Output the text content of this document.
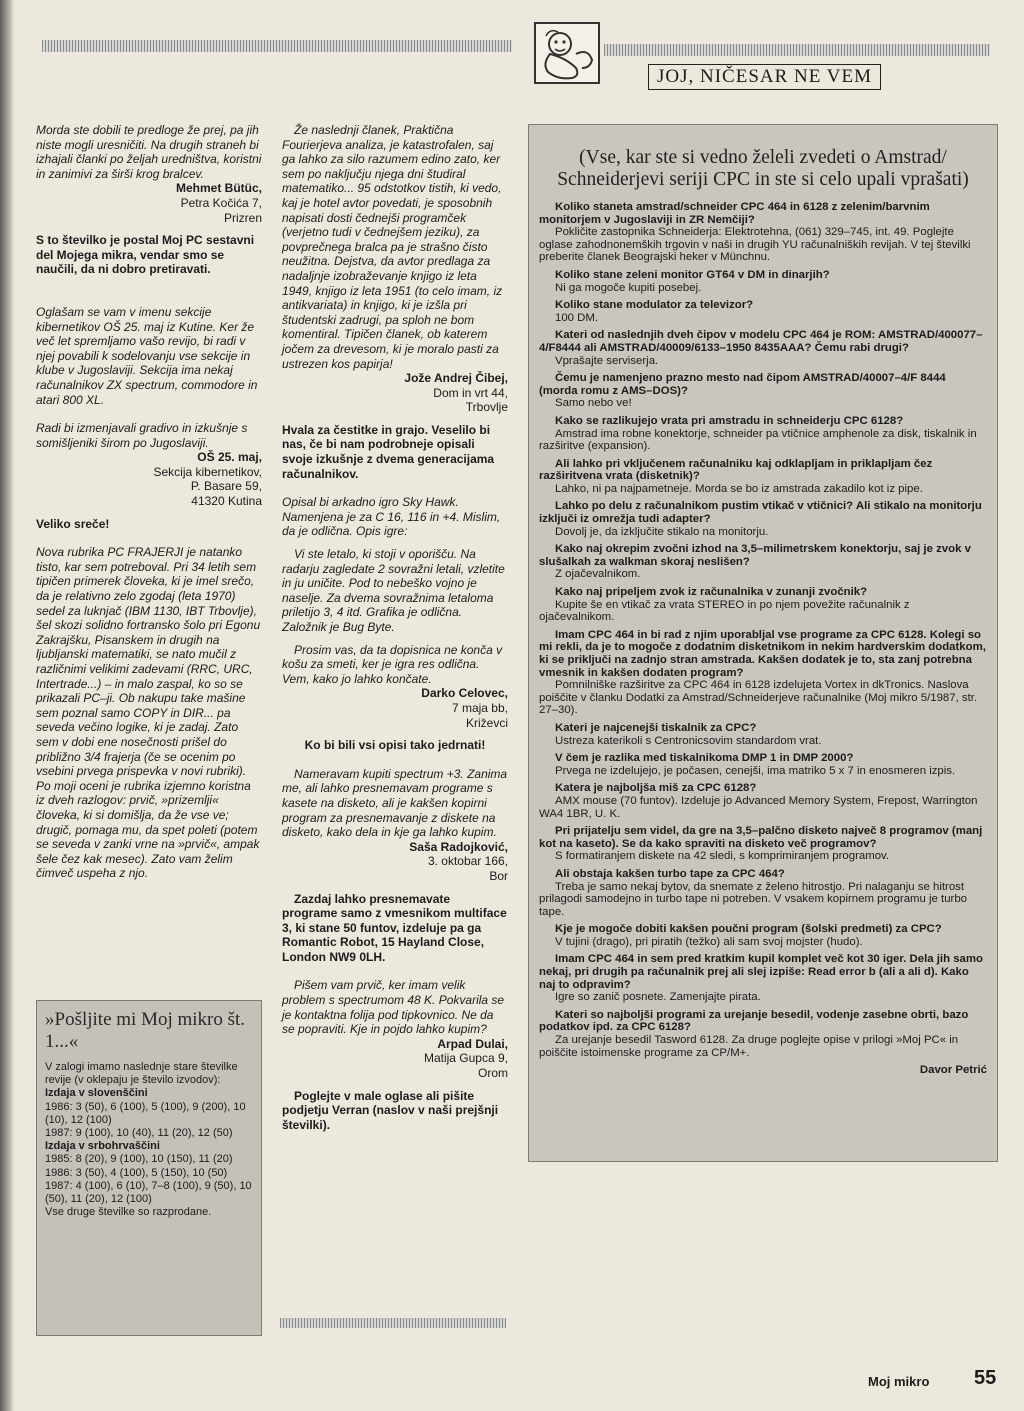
JOJ, NIČESAR NE VEM

Morda ste dobili te predloge že prej, pa jih niste mogli uresničiti. Na drugih straneh bi izhajali članki po željah uredništva, koristni in zanimivi za širši krog bralcev.

Mehmet Bütüc,
Petra Kočića 7,
Prizren

S to številko je postal Moj PC sestavni del Mojega mikra, vendar smo se naučili, da ni dobro pretiravati.

Oglašam se vam v imenu sekcije kibernetikov OŠ 25. maj iz Kutine. Ker že več let spremljamo vašo revijo, bi radi v njej povabili k sodelovanju vse sekcije in klube v Jugoslaviji. Sekcija ima nekaj računalnikov ZX spectrum, commodore in atari 800 XL.

Radi bi izmenjavali gradivo in izkušnje s somišljeniki širom po Jugoslaviji.

OŠ 25. maj,
Sekcija kibernetikov,
P. Basare 59,
41320 Kutina

Veliko sreče!

Nova rubrika PC FRAJERJI je natanko tisto, kar sem potreboval. Pri 34 letih sem tipičen primerek človeka, ki je imel srečo, da je relativno zelo zgodaj (leta 1970) sedel za luknjač (IBM 1130, IBT Trbovlje), šel skozi solidno fortransko šolo pri Egonu Zakrajšku, Pisanskem in drugih na ljubljanski matematiki, se nato mučil z različnimi velikimi zadevami (RRC, URC, Intertrade...) – in malo zaspal, ko so se prikazali PC–ji. Ob nakupu take mašine sem poznal samo COPY in DIR... pa seveda večino logike, ki je zadaj. Zato sem v dobi ene nosečnosti prišel do približno 3/4 frajerja (če se ocenim po vsebini prvega prispevka v novi rubriki). Po moji oceni je rubrika izjemno koristna iz dveh razlogov: prvič, »prizemlji« človeka, ki si domišlja, da že vse ve; drugič, pomaga mu, da spet poleti (potem se seveda v zanki vrne na »prvič«, ampak šele čez kak mesec). Zato vam želim čimveč uspeha z njo.

»Pošljite mi Moj mikro št. 1...«
V zalogi imamo naslednje stare številke revije (v oklepaju je število izvodov): Izdaja v slovenščini
1986: 3 (50), 6 (100), 5 (100), 9 (200), 10 (10), 12 (100)
1987: 9 (100), 10 (40), 11 (20), 12 (50)
Izdaja v srbohrvaščini
1985: 8 (20), 9 (100), 10 (150), 11 (20)
1986: 3 (50), 4 (100), 5 (150), 10 (50)
1987: 4 (100), 6 (10), 7–8 (100), 9 (50), 10 (50), 11 (20), 12 (100)
Vse druge številke so razprodane.

Že naslednji članek, Praktična Fourierjeva analiza, je katastrofalen, saj ga lahko za silo razumem edino zato, ker sem po naključju njega dni študiral matematiko... 95 odstotkov tistih, ki vedo, kaj je hotel avtor povedati, je sposobnih napisati dosti čednejši programček (verjetno tudi v čednejšem jeziku), za povprečnega bralca pa je strašno čisto neužitna. Dejstva, da avtor predlaga za nadaljnje izobraževanje knjigo iz leta 1949, knjigo iz leta 1951 (to celo imam, iz antikvariata) in knjigo, ki je izšla pri študentski zadrugi, pa sploh ne bom komentiral. Tipičen članek, ob katerem jočem za drevesom, ki je moralo pasti za ustrezen kos papirja!

Jože Andrej Čibej,
Dom in vrt 44,
Trbovlje

Hvala za čestitke in grajo. Veselilo bi nas, če bi nam podrobneje opisali svoje izkušnje z dvema generacijama računalnikov.

Opisal bi arkadno igro Sky Hawk. Namenjena je za C 16, 116 in +4. Mislim, da je odlična. Opis igre:

Vi ste letalo, ki stoji v oporišču. Na radarju zagledate 2 sovražni letali, vzletite in ju uničite. Pod to nebeško vojno je naselje. Za dvema sovražnima letaloma priletijo 3, 4 itd. Grafika je odlična. Založnik je Bug Byte.

Prosim vas, da ta dopisnica ne konča v košu za smeti, ker je igra res odlična. Vem, kako jo lahko končate.

Darko Celovec,
7 maja bb,
Križevci

Ko bi bili vsi opisi tako jedrnati!

Nameravam kupiti spectrum +3. Zanima me, ali lahko presnemavam programe s kasete na disketo, ali je kakšen kopirni program za presnemavanje z diskete na disketo, kako dela in kje ga lahko kupim.

Saša Radojković,
3. oktobar 166,
Bor

Zazdaj lahko presnemavate programe samo z vmesnikom multiface 3, ki stane 50 funtov, izdeluje pa ga Romantic Robot, 15 Hayland Close, London NW9 0LH.

Pišem vam prvič, ker imam velik problem s spectrumom 48 K. Pokvarila se je kontaktna folija pod tipkovnico. Ne da se popraviti. Kje in pojdo lahko kupim?

Arpad Dulai,
Matija Gupca 9,
Orom

Poglejte v male oglase ali pišite podjetju Verran (naslov v naši prejšnji številki).

(Vse, kar ste si vedno želeli zvedeti o Amstrad/ Schneiderjevi seriji CPC in ste si celo upali vprašati)
Koliko staneta amstrad/schneider CPC 464 in 6128 z zelenim/barvnim monitorjem v Jugoslaviji in ZR Nemčiji?
Pokličite zastopnika Schneiderja: Elektrotehna, (061) 329–745, int. 49. Poglejte oglase zahodnonemških trgovin v naši in drugih YU računalniških revijah. V tej številki preberite članek Beograjski heker v Münchnu.
Koliko stane zeleni monitor GT64 v DM in dinarjih?
Ni ga mogoče kupiti posebej.
Koliko stane modulator za televizor?
100 DM.
Kateri od naslednjih dveh čipov v modelu CPC 464 je ROM: AMSTRAD/400077–4/F8444 ali AMSTRAD/40009/6133–1950 8435AAA? Čemu rabi drugi?
Vprašajte serviserja.
Čemu je namenjeno prazno mesto nad čipom AMSTRAD/40007–4/F 8444 (morda romu z AMS–DOS)?
Samo nebo ve!
Kako se razlikujejo vrata pri amstradu in schneiderju CPC 6128?
Amstrad ima robne konektorje, schneider pa vtičnice amphenole za disk, tiskalnik in razširitve (expansion).
Ali lahko pri vključenem računalniku kaj odklapljam in priklapljam čez razširitvena vrata (disketnik)?
Lahko, ni pa najpametneje. Morda se bo iz amstrada zakadilo kot iz pipe.
Lahko po delu z računalnikom pustim vtikač v vtičnici? Ali stikalo na monitorju izključi iz omrežja tudi adapter?
Dovolj je, da izključite stikalo na monitorju.
Kako naj okrepim zvočni izhod na 3,5–milimetrskem konektorju, saj je zvok v slušalkah za walkman skoraj neslišen?
Z ojačevalnikom.
Kako naj pripeljem zvok iz računalnika v zunanji zvočnik?
Kupite še en vtikač za vrata STEREO in po njem povežite računalnik z ojačevalnikom.
Imam CPC 464 in bi rad z njim uporabljal vse programe za CPC 6128. Kolegi so mi rekli, da je to mogoče z dodatnim disketnikom in nekim hardverskim dodatkom, ki se priključi na zadnjo stran amstrada. Kakšen dodatek je to, sta zanj potrebna vmesnik in kakšen dodaten program?
Pomnilniške razširitve za CPC 464 in 6128 izdelujeta Vortex in dkTronics. Naslova poiščite v članku Dodatki za Amstrad/Schneiderjeve računalnike (Moj mikro 5/1987, str. 27–30).
Kateri je najcenejši tiskalnik za CPC?
Ustreza katerikoli s Centronicsovim standardom vrat.
V čem je razlika med tiskalnikoma DMP 1 in DMP 2000?
Prvega ne izdelujejo, je počasen, cenejši, ima matriko 5 x 7 in enosmeren izpis.
Katera je najboljša miš za CPC 6128?
AMX mouse (70 funtov). Izdeluje jo Advanced Memory System, Frepost, Warrington WA4 1BR, U. K.
Pri prijatelju sem videl, da gre na 3,5–palčno disketo največ 8 programov (manj kot na kaseto). Se da kako spraviti na disketo več programov?
S formatiranjem diskete na 42 sledi, s komprimiranjem programov.
Ali obstaja kakšen turbo tape za CPC 464?
Treba je samo nekaj bytov, da snemate z želeno hitrostjo. Pri nalaganju se hitrost prilagodi samodejno in turbo tape ni potreben. V vsakem kopirnem programu je turbo tape.
Kje je mogoče dobiti kakšen poučni program (šolski predmeti) za CPC?
V tujini (drago), pri piratih (težko) ali sam svoj mojster (hudo).
Imam CPC 464 in sem pred kratkim kupil komplet več kot 30 iger. Dela jih samo nekaj, pri drugih pa računalnik prej ali slej izpiše: Read error b (ali a ali d). Kako naj to odpravim?
Igre so zanič posnete. Zamenjajte pirata.
Kateri so najboljši programi za urejanje besedil, vodenje zasebne obrti, bazo podatkov ipd. za CPC 6128?
Za urejanje besedil Tasword 6128. Za druge poglejte opise v prilogi »Moj PC« in poiščite istoimenske programe za CP/M+.
Davor Petrić
Moj mikro 55
